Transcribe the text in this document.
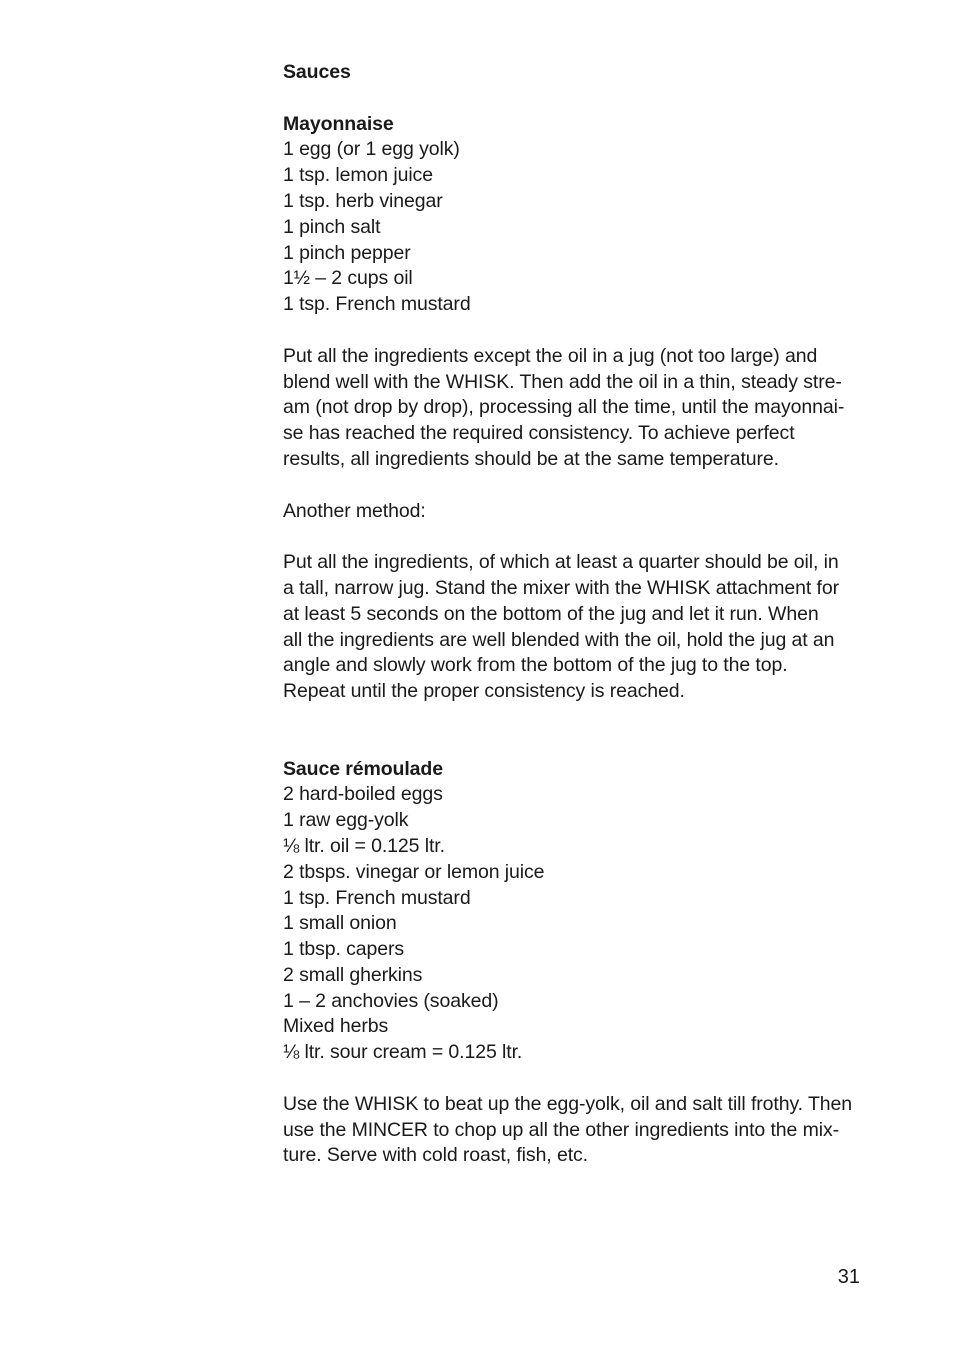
Sauces
Mayonnaise
1 egg (or 1 egg yolk)
1 tsp. lemon juice
1 tsp. herb vinegar
1 pinch salt
1 pinch pepper
1½ – 2 cups oil
1 tsp. French mustard
Put all the ingredients except the oil in a jug (not too large) and
blend well with the WHISK. Then add the oil in a thin, steady stre-
am (not drop by drop), processing all the time, until the mayonnai-
se has reached the required consistency. To achieve perfect
results, all ingredients should be at the same temperature.
Another method:
Put all the ingredients, of which at least a quarter should be oil, in
a tall, narrow jug. Stand the mixer with the WHISK attachment for
at least 5 seconds on the bottom of the jug and let it run. When
all the ingredients are well blended with the oil, hold the jug at an
angle and slowly work from the bottom of the jug to the top.
Repeat until the proper consistency is reached.
Sauce rémoulade
2 hard-boiled eggs
1 raw egg-yolk
⅛ ltr. oil = 0.125 ltr.
2 tbsps. vinegar or lemon juice
1 tsp. French mustard
1 small onion
1 tbsp. capers
2 small gherkins
1 – 2 anchovies (soaked)
Mixed herbs
⅛ ltr. sour cream = 0.125 ltr.
Use the WHISK to beat up the egg-yolk, oil and salt till frothy. Then
use the MINCER to chop up all the other ingredients into the mix-
ture. Serve with cold roast, fish, etc.
31
